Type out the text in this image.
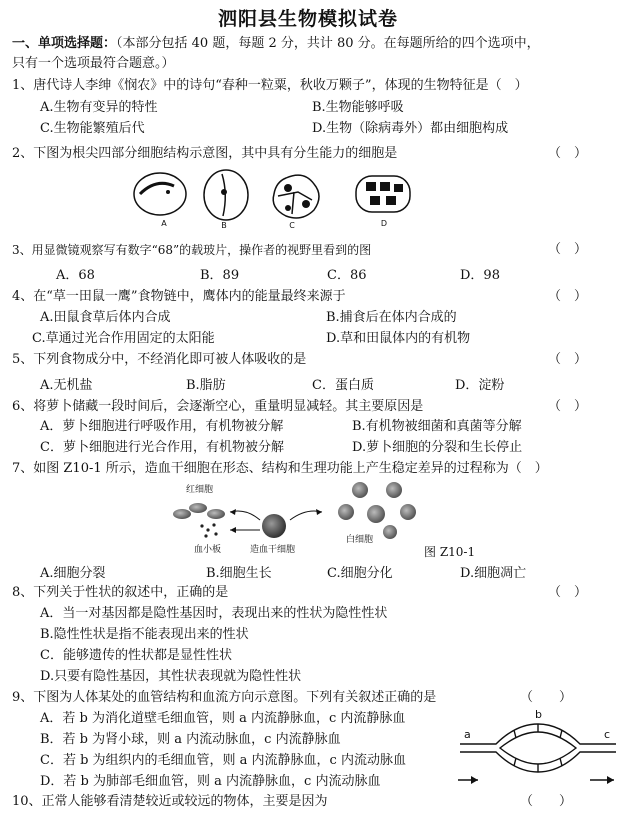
泗阳县生物模拟试卷
一、单项选择题：（本部分包括 40 题，每题 2 分，共计 80 分。在每题所给的四个选项中，
只有一个选项最符合题意。）
1、唐代诗人李绅《悯农》中的诗句“春种一粒粟，秋收万颗子”，体现的生物特征是（　）
A.生物有变异的特性	B.生物能够呼吸
C.生物能繁殖后代	D.生物（除病毒外）都由细胞构成
2、下图为根尖四部分细胞结构示意图，其中具有分生能力的细胞是	（　）
A	B	C	D
3、用显微镜观察写有数字“68”的载玻片，操作者的视野里看到的图	（　）
A．68	B．89	C．86	D．98
4、在“草一田鼠一鹰”食物链中，鹰体内的能量最终来源于	（　）
A.田鼠食草后体内合成	B.捕食后在体内合成的
C.草通过光合作用固定的太阳能	D.草和田鼠体内的有机物
5、下列食物成分中，不经消化即可被人体吸收的是	（　）
A.无机盐	B.脂肪	C．蛋白质	D．淀粉
6、将萝卜储藏一段时间后，会逐渐空心，重量明显减轻。其主要原因是	（　）
A．萝卜细胞进行呼吸作用，有机物被分解	B.有机物被细菌和真菌等分解
C．萝卜细胞进行光合作用，有机物被分解	D.萝卜细胞的分裂和生长停止
7、如图 Z10-1 所示，造血干细胞在形态、结构和生理功能上产生稳定差异的过程称为（　）
红细胞
血小板	造血干细胞
白细胞
图 Z10-1
A.细胞分裂	B.细胞生长	C.细胞分化	D.细胞凋亡
8、下列关于性状的叙述中，正确的是	（　）
A．当一对基因都是隐性基因时，表现出来的性状为隐性性状
B.隐性性状是指不能表现出来的性状
C．能够遗传的性状都是显性性状
D.只要有隐性基因，其性状表现就为隐性性状
9、下图为人体某处的血管结构和血流方向示意图。下列有关叙述正确的是	（　　）
A．若 b 为消化道壁毛细血管，则 a 内流静脉血，c 内流静脉血
B．若 b 为肾小球，则 a 内流动脉血，c 内流静脉血
C．若 b 为组织内的毛细血管，则 a 内流静脉血，c 内流动脉血
D．若 b 为肺部毛细血管，则 a 内流静脉血，c 内流动脉血
a
b
c
10、正常人能够看清楚较近或较远的物体，主要是因为	（　　）
